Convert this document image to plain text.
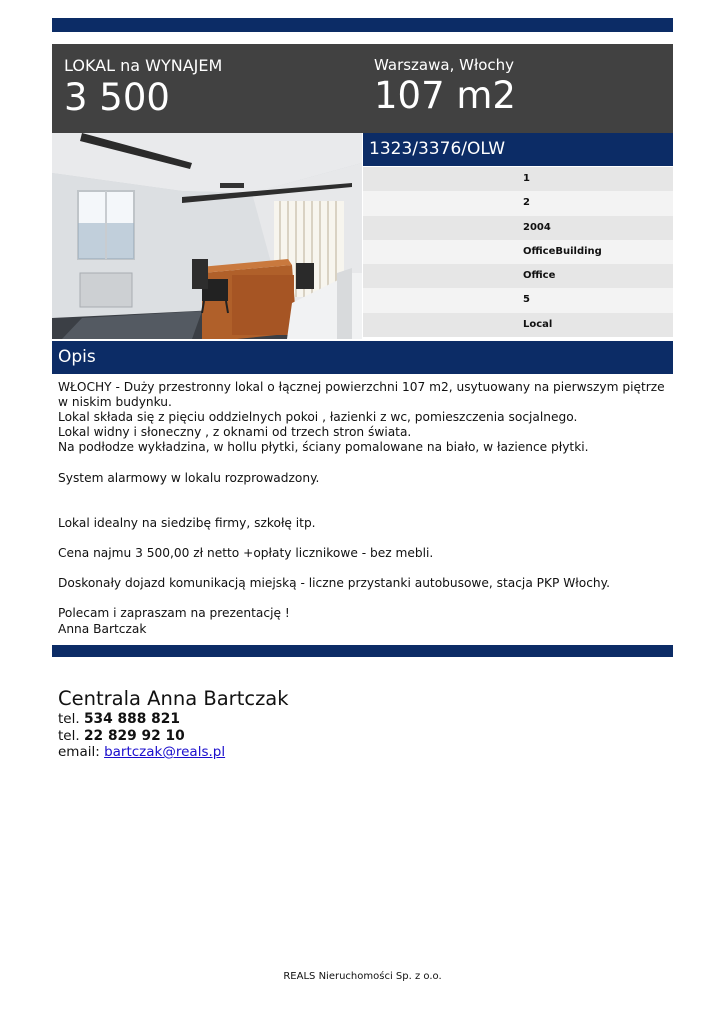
LOKAL na WYNAJEM
3 500
Warszawa, Włochy
107 m2
1323/3376/OLW
1
2
2004
OfficeBuilding
Office
5
Local
Opis

WŁOCHY - Duży przestronny lokal o łącznej powierzchni 107 m2, usytuowany na pierwszym piętrze w niskim budynku.

Lokal składa się z pięciu oddzielnych pokoi , łazienki z wc, pomieszczenia socjalnego.

Lokal widny i słoneczny , z oknami od trzech stron świata.

Na podłodze wykładzina, w hollu płytki, ściany pomalowane na biało, w łazience płytki.

System alarmowy w lokalu rozprowadzony.

Lokal idealny na siedzibę firmy, szkołę itp.

Cena najmu 3 500,00 zł netto +opłaty licznikowe - bez mebli.

Doskonały dojazd komunikacją miejską - liczne przystanki autobusowe, stacja PKP Włochy.

Polecam i zapraszam na prezentację !

Anna Bartczak

Centrala Anna Bartczak
tel. 534 888 821
tel. 22 829 92 10
email: bartczak@reals.pl
REALS Nieruchomości Sp. z o.o.
